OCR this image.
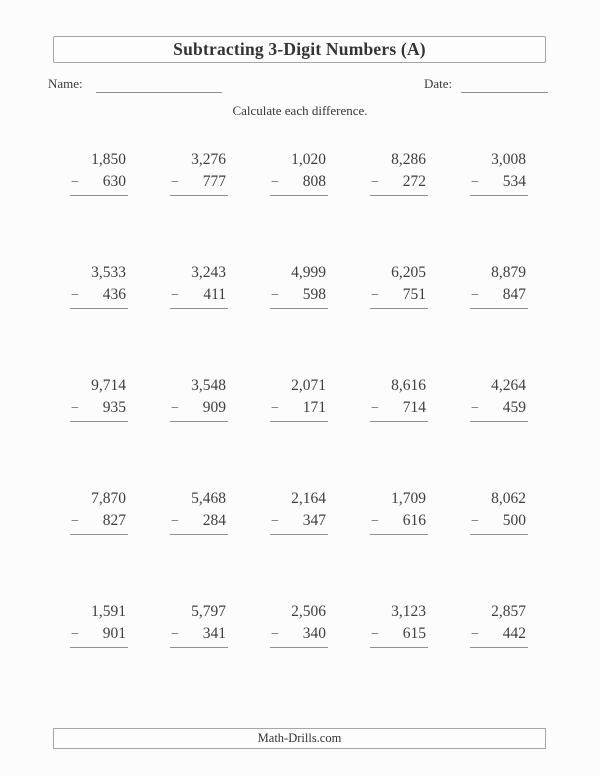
Subtracting 3-Digit Numbers (A)
Name:	Date:
Calculate each difference.
1,850
− 630
3,276
− 777
1,020
− 808
8,286
− 272
3,008
− 534
3,533
− 436
3,243
− 411
4,999
− 598
6,205
− 751
8,879
− 847
9,714
− 935
3,548
− 909
2,071
− 171
8,616
− 714
4,264
− 459
7,870
− 827
5,468
− 284
2,164
− 347
1,709
− 616
8,062
− 500
1,591
− 901
5,797
− 341
2,506
− 340
3,123
− 615
2,857
− 442
Math-Drills.com
